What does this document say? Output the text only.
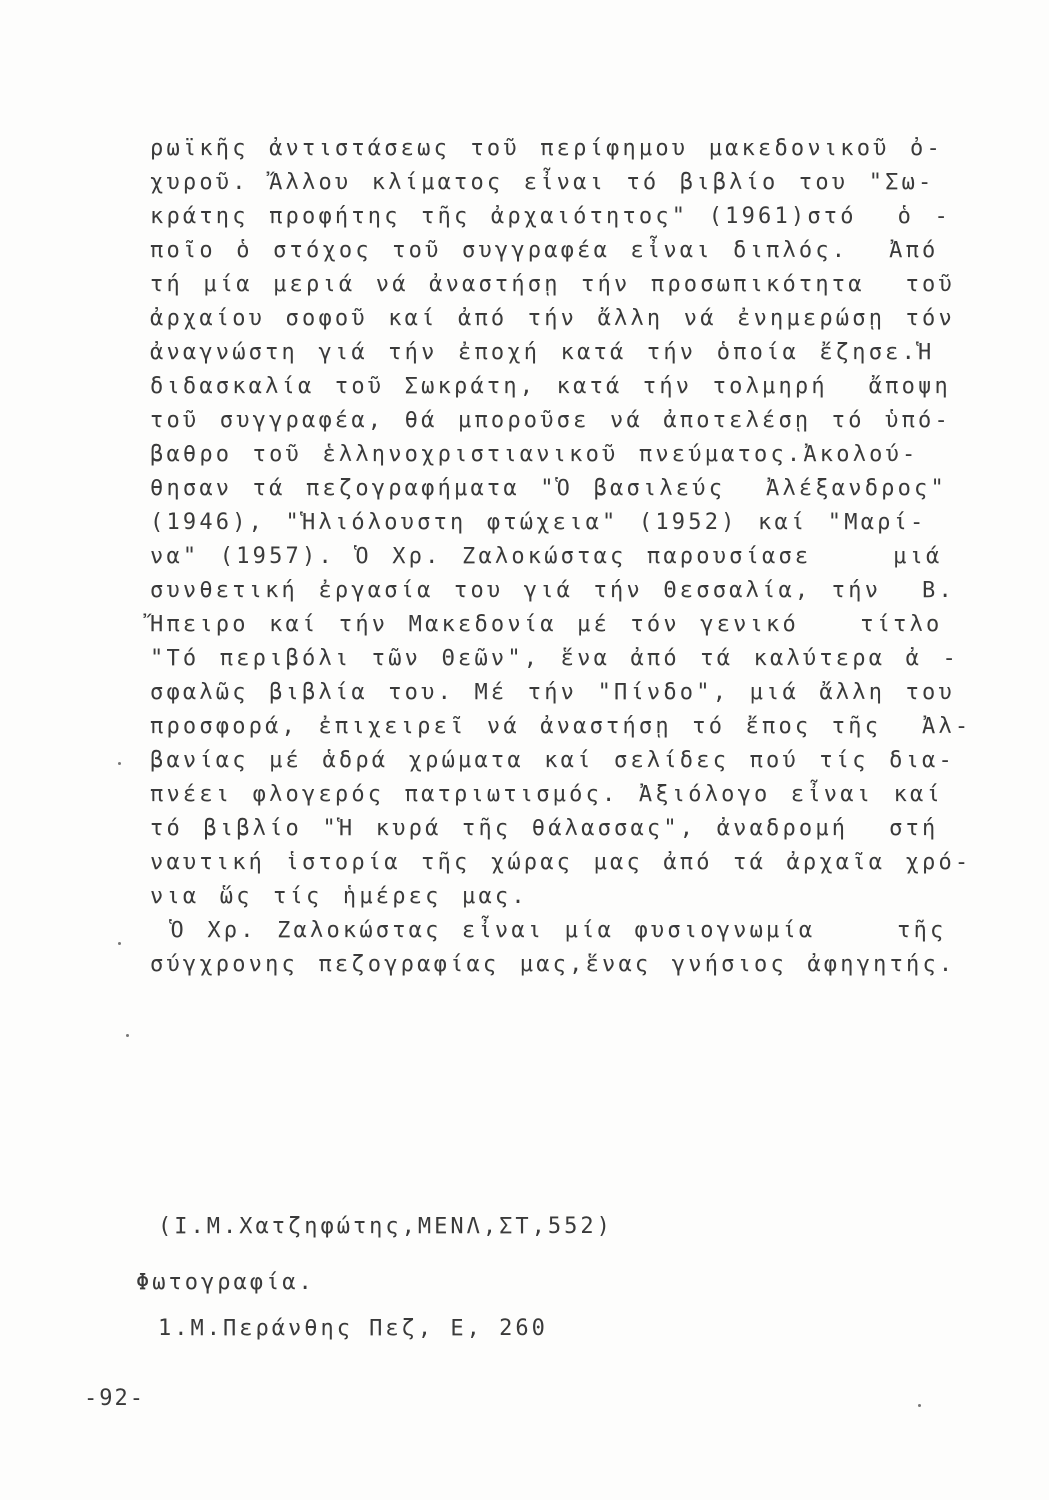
ρωϊκῆς ἀντιστάσεως τοῦ περίφημου μακεδονικοῦ ὀ-
χυροῦ. Ἄλλου κλίματος εἶναι τό βιβλίο του "Σω-
κράτης προφήτης τῆς ἀρχαιότητος" (1961)στό  ὁ -
ποῖο ὁ στόχος τοῦ συγγραφέα εἶναι διπλός.  Ἀπό
τή μία μεριά νά ἀναστήσῃ τήν προσωπικότητα  τοῦ
ἀρχαίου σοφοῦ καί ἀπό τήν ἄλλη νά ἐνημερώσῃ τόν
ἀναγνώστη γιά τήν ἐποχή κατά τήν ὁποία ἔζησε.Ἡ
διδασκαλία τοῦ Σωκράτη, κατά τήν τολμηρή  ἄποψη
τοῦ συγγραφέα, θά μποροῦσε νά ἀποτελέσῃ τό ὑπό-
βαθρο τοῦ ἑλληνοχριστιανικοῦ πνεύματος.Ἀκολού-
θησαν τά πεζογραφήματα "Ὁ βασιλεύς  Ἀλέξανδρος"
(1946), "Ἡλιόλουστη φτώχεια" (1952) καί "Μαρί-
να" (1957). Ὁ Χρ. Ζαλοκώστας παρουσίασε    μιά
συνθετική ἐργασία του γιά τήν Θεσσαλία, τήν  Β.
Ἤπειρο καί τήν Μακεδονία μέ τόν γενικό   τίτλο
"Τό περιβόλι τῶν Θεῶν", ἕνα ἀπό τά καλύτερα ἀ -
σφαλῶς βιβλία του. Μέ τήν "Πίνδο", μιά ἄλλη του
προσφορά, ἐπιχειρεῖ νά ἀναστήσῃ τό ἔπος τῆς  Ἀλ-
βανίας μέ ἁδρά χρώματα καί σελίδες πού τίς δια-
πνέει φλογερός πατριωτισμός. Ἀξιόλογο εἶναι καί
τό βιβλίο "Ἡ κυρά τῆς θάλασσας", ἀναδρομή  στή
ναυτική ἱστορία τῆς χώρας μας ἀπό τά ἀρχαῖα χρό-
νια ὥς τίς ἡμέρες μας.
Ὁ Χρ. Ζαλοκώστας εἶναι μία φυσιογνωμία    τῆς
σύγχρονης πεζογραφίας μας,ἕνας γνήσιος ἀφηγητής.
(Ι.Μ.Χατζηφώτης,ΜΕΝΛ,ΣΤ,552)
Φωτογραφία.
1.Μ.Περάνθης Πεζ, Ε, 260
-92-
